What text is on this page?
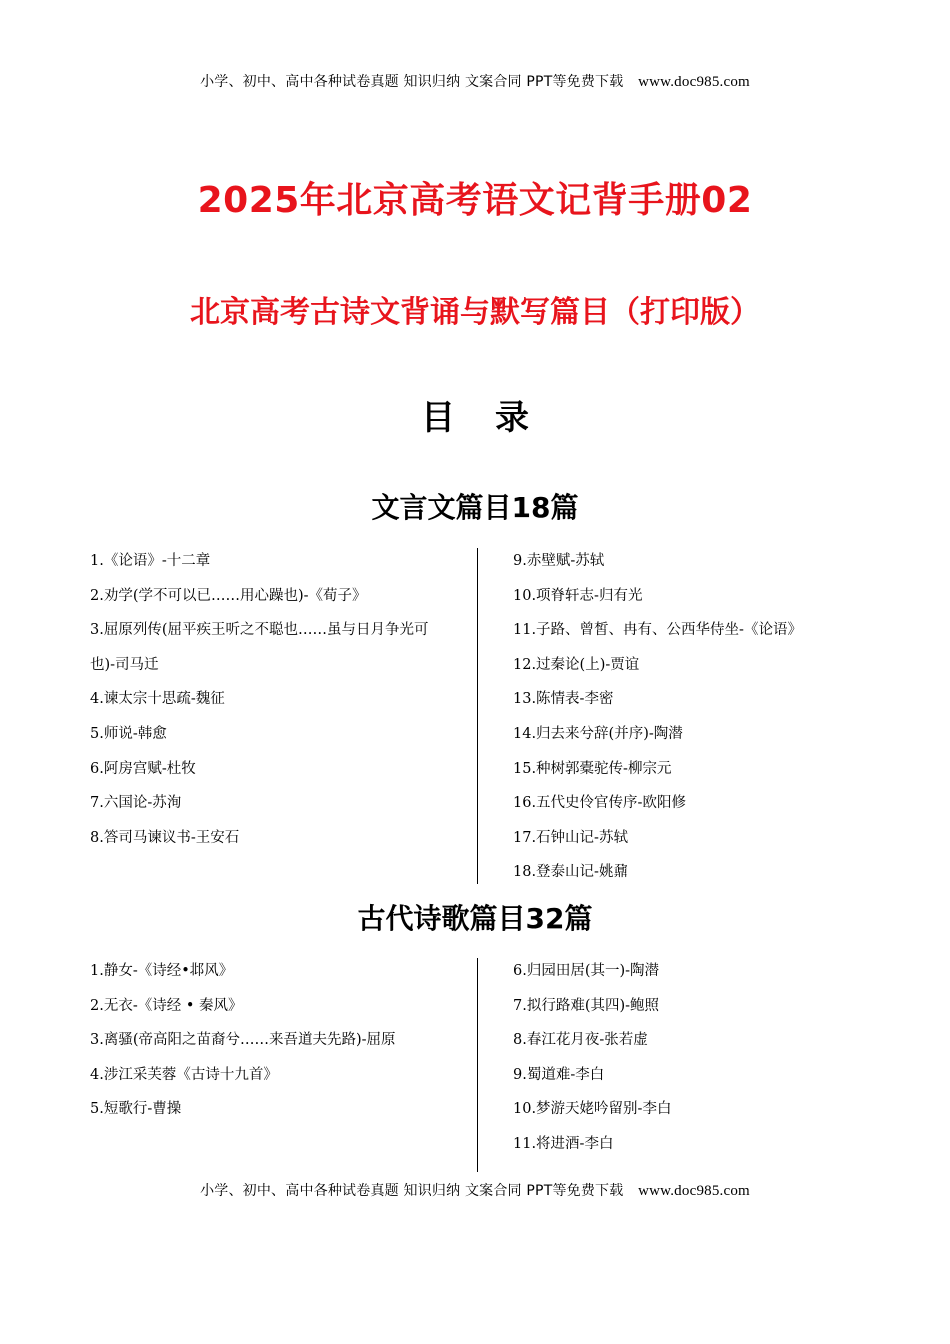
小学、初中、高中各种试卷真题 知识归纳 文案合同 PPT等免费下载 www.doc985.com
2025年北京高考语文记背手册02
北京高考古诗文背诵与默写篇目（打印版）
目录
文言文篇目18篇
1.《论语》-十二章
2.劝学(学不可以已……用心躁也)-《荀子》
3.屈原列传(屈平疾王听之不聪也……虽与日月争光可也)-司马迁
4.谏太宗十思疏-魏征
5.师说-韩愈
6.阿房宫赋-杜牧
7.六国论-苏洵
8.答司马谏议书-王安石
9.赤壁赋-苏轼
10.项脊轩志-归有光
11.子路、曾皙、冉有、公西华侍坐-《论语》
12.过秦论(上)-贾谊
13.陈情表-李密
14.归去来兮辞(并序)-陶潜
15.种树郭橐驼传-柳宗元
16.五代史伶官传序-欧阳修
17.石钟山记-苏轼
18.登泰山记-姚鼐
古代诗歌篇目32篇
1.静女-《诗经•邶风》
2.无衣-《诗经 • 秦风》
3.离骚(帝高阳之苗裔兮……来吾道夫先路)-屈原
4.涉江采芙蓉《古诗十九首》
5.短歌行-曹操
6.归园田居(其一)-陶潜
7.拟行路难(其四)-鲍照
8.春江花月夜-张若虚
9.蜀道难-李白
10.梦游天姥吟留别-李白
11.将进酒-李白
小学、初中、高中各种试卷真题 知识归纳 文案合同 PPT等免费下载 www.doc985.com
